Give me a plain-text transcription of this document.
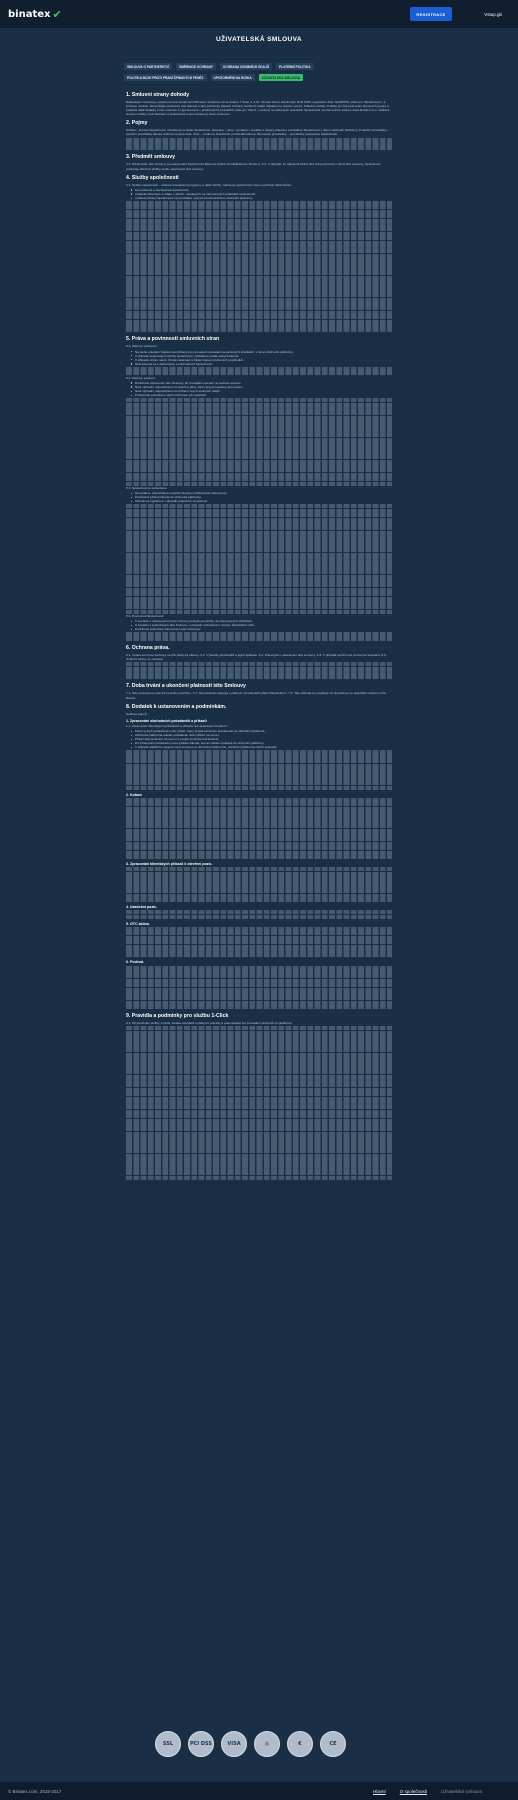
binatex ✔	REGISTRACE	Vstup.git
UŽIVATELSKÁ SMLOUVA
SMLOUVA O PARTNERSTVÍ	SMĚRNICE OCHRANY	OCHRANA OSOBNÍCH ÚDAJŮ	PLATEBNÍ POLITIKA
POLITIKA BOJE PROTI PRANÍ ŠPINAVÝCH PENĚZ	UPOZORNĚNÍ NA RIZIKA	UŽIVATELSKÁ SMLOUVA
1. Smluvní strany dohody

Následující smlouva je uzavřena mezi společností Bimatex Solutions LP se sídlem 7 Suite 2, 3 St. Vincent street, Edinburgh, EH3 6SW, registrační číslo SL026700, (dále jen "Společnost"), a fyzickou osobou, která přijala podmínky této dohody a tato podmínky Zásady ochrany osobních údajů, Zásady pro vracení peněz, Platební politiky. Politiky pro boj proti praní špinavých peněz a podléhá další dodatky k této smlouvě a vyjmenované v příslušných formulářích, dále jen "klient", uvedený na webových stránkách Společnosti na internetové stránce www.binatex.com. Veškeré smluvní vztahy mezi klientem a společností a jsou upraveny touto smlouvou.

2. Pojmy

Služba – činnost Společnosti, označená na webu Společnosti. Operace – akce, vyvolané v souladu s pokyny klienta a prováděné Společností v rámci obchodní platformy. Finanční prostředky – peněžní prostředky klienta vložené na jeho účet. Účet – evidence finančních prostředků klienta. Bonusové prostředky – prostředky poskytnuté Společností.

3. Předmět smlouvy

3.1. Předmětem této smlouvy je poskytování Společností klientovi služeb na základě této Smlouvy. 3.2. V případě, že zákazník řádně plní své povinnosti v rámci této smlouvy, Společnost poskytuje klientovi služby podle ustanovení této smlouvy.

4. Služby společnosti

4.1. Služby společnosti – webové interaktivní programy a další služby, nabízené společností, které umožňují zákazníkům:

komunikovat a obchodovat společnosti;
získávat informace a údaje o akcích, uvedených na internetových stránkách společnosti;
vydávat příkazy Společnosti na provádění operací prostřednictvím obchodní platformy.
5. Práva a povinnosti smluvních stran

5.1. Klient je oprávněn:

Na webu odeslání Společnosti příkazy pro provedení transakcí na webových stránkách, v rámci obchodní platformy.
V případě neprovedení služby společností, vyžádanou podle pokynů klienta.
V případě vzniku nárok. Podat reklamaci a žádat vrácení uložených prostředků.
Seznamovat se s dokumenty a informacemi Společnosti.

5.2. Klient je povinen:

Dodržovat ustanovení této Smlouvy při provádění operací na webové stránce.
Nést výhradní odpovědnost za všechny akce, které jsou provedeny jeho účtem.
Nést výhradní odpovědnost za ochranu svých osobních údajů.
Poskytovat pravdivé a úplné informace při registraci.

5.3. Společnost je oprávněna:

Nevyplácet, pokud klient nepodal všechny požadované dokumenty.
Pozastavit přístup klienta do obchodní platformy.
Odmítnout vyplacení v případě podezření na podvod.

5.4. Povinnosti Společnosti:

V souladu s ustanoveními této smlouvy poskytnout služby na internetových stránkách.
V souladu s podmínkami této Smlouvy, v případě rozhodnutí o zrušení klientského účtu.
Dodržovat podmínky stanovené touto smlouvou.
6. Ochrana práva.

6.1. Ustanovení této Smlouvy se řídí platnými zákony. 6.2. Výsledky prostředků a jejich aplikace. 6.3. Pokud jde o ustanovení této smlouvy. 6.4. V případě sporů mezi smluvními stranami. 6.5. Smluvní strany se zavazují.

7. Doba trvání a ukončení platnosti této Smlouvy

7.1. Tato smlouva se uzavírá na dobu neurčitou. 7.2. Tato dohoda vstupuje v platnost od okamžiku přijetí Zákazníkem. 7.3. Tato dohoda se považuje za ukončenou ve okamžiku uzavření účtu klienta.

8. Dodatek k ustanovením a podmínkám.

Definice pojmů:

1. Zpracování obchodních požadavků a příkazů

1.1. Zpracování klientských požadavků a příkazů má následující strukturu:

Klient vytvoří požadavek nebo příkaz, který projde kontrolou korektnosti na obchodní platformě.
Obchodní platforma odešle požadavek nebo příkaz na server.
Příkaz klienta dorazí na server a projde kontrolou korektnosti.
Po zpracování požadavku nebo příkazu klienta, server odešle výsledek do obchodní platformy.
V případě stabilního spojení mezi serverem a obchodní platformou, obchodní platforma obdrží výsledek.
2. Kotace
3. Zpracování klientských příkazů k otevření pozic.
4. Uzavírání pozic.
5. OTC aktiva.
6. Podvod.
9. Pravidla a podmínky pro službu 1-Click

9.1. Při používání služby 1-Click, budete souhlasit s platnými pravidly a podmínkami pro provádění obchodů na platformě.

SSL	PCI DSS	VISA	◎	€	CE
© Binatex.com, 2015-2017	Hlavní	O společnosti	Uživatelská smlouva
